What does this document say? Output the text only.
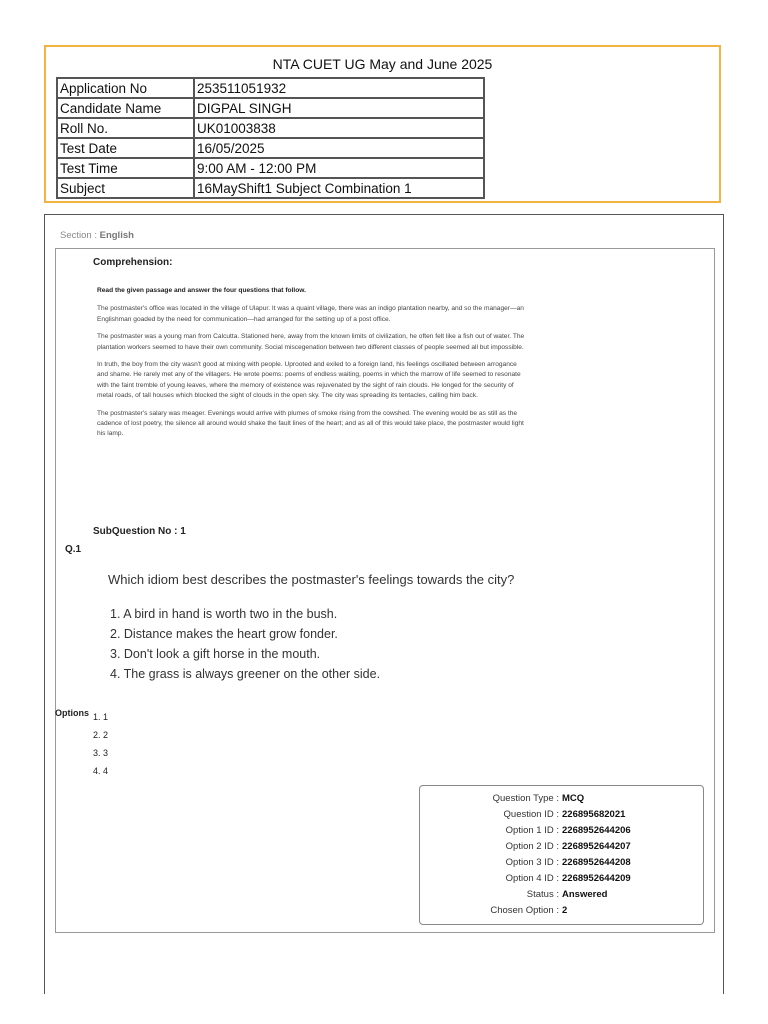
NTA CUET UG May and June 2025
Application No	253511051932
Candidate Name	DIGPAL SINGH
Roll No.	UK01003838
Test Date	16/05/2025
Test Time	9:00 AM - 12:00 PM
Subject	16MayShift1 Subject Combination 1
Section : English
Comprehension:

Read the given passage and answer the four questions that follow.

The postmaster's office was located in the village of Ulapur. It was a quaint village, there was an indigo plantation nearby, and so the manager—an Englishman goaded by the need for communication—had arranged for the setting up of a post office.

The postmaster was a young man from Calcutta. Stationed here, away from the known limits of civilization, he often felt like a fish out of water. The plantation workers seemed to have their own community. Social miscegenation between two different classes of people seemed all but impossible.

In truth, the boy from the city wasn't good at mixing with people. Uprooted and exiled to a foreign land, his feelings oscillated between arrogance and shame. He rarely met any of the villagers. He wrote poems: poems of endless waiting, poems in which the marrow of life seemed to resonate with the faint tremble of young leaves, where the memory of existence was rejuvenated by the sight of rain clouds. He longed for the security of metal roads, of tall houses which blocked the sight of clouds in the open sky. The city was spreading its tentacles, calling him back.

The postmaster's salary was meager. Evenings would arrive with plumes of smoke rising from the cowshed. The evening would be as still as the cadence of lost poetry, the silence all around would shake the fault lines of the heart; and as all of this would take place, the postmaster would light his lamp.

SubQuestion No : 1
Q.1
Which idiom best describes the postmaster's feelings towards the city?
1. A bird in hand is worth two in the bush.
2. Distance makes the heart grow fonder.
3. Don't look a gift horse in the mouth.
4. The grass is always greener on the other side.
Options 1. 1
2. 2
3. 3
4. 4
Question Type : MCQ
Question ID : 226895682021
Option 1 ID : 2268952644206
Option 2 ID : 2268952644207
Option 3 ID : 2268952644208
Option 4 ID : 2268952644209
Status : Answered
Chosen Option : 2
